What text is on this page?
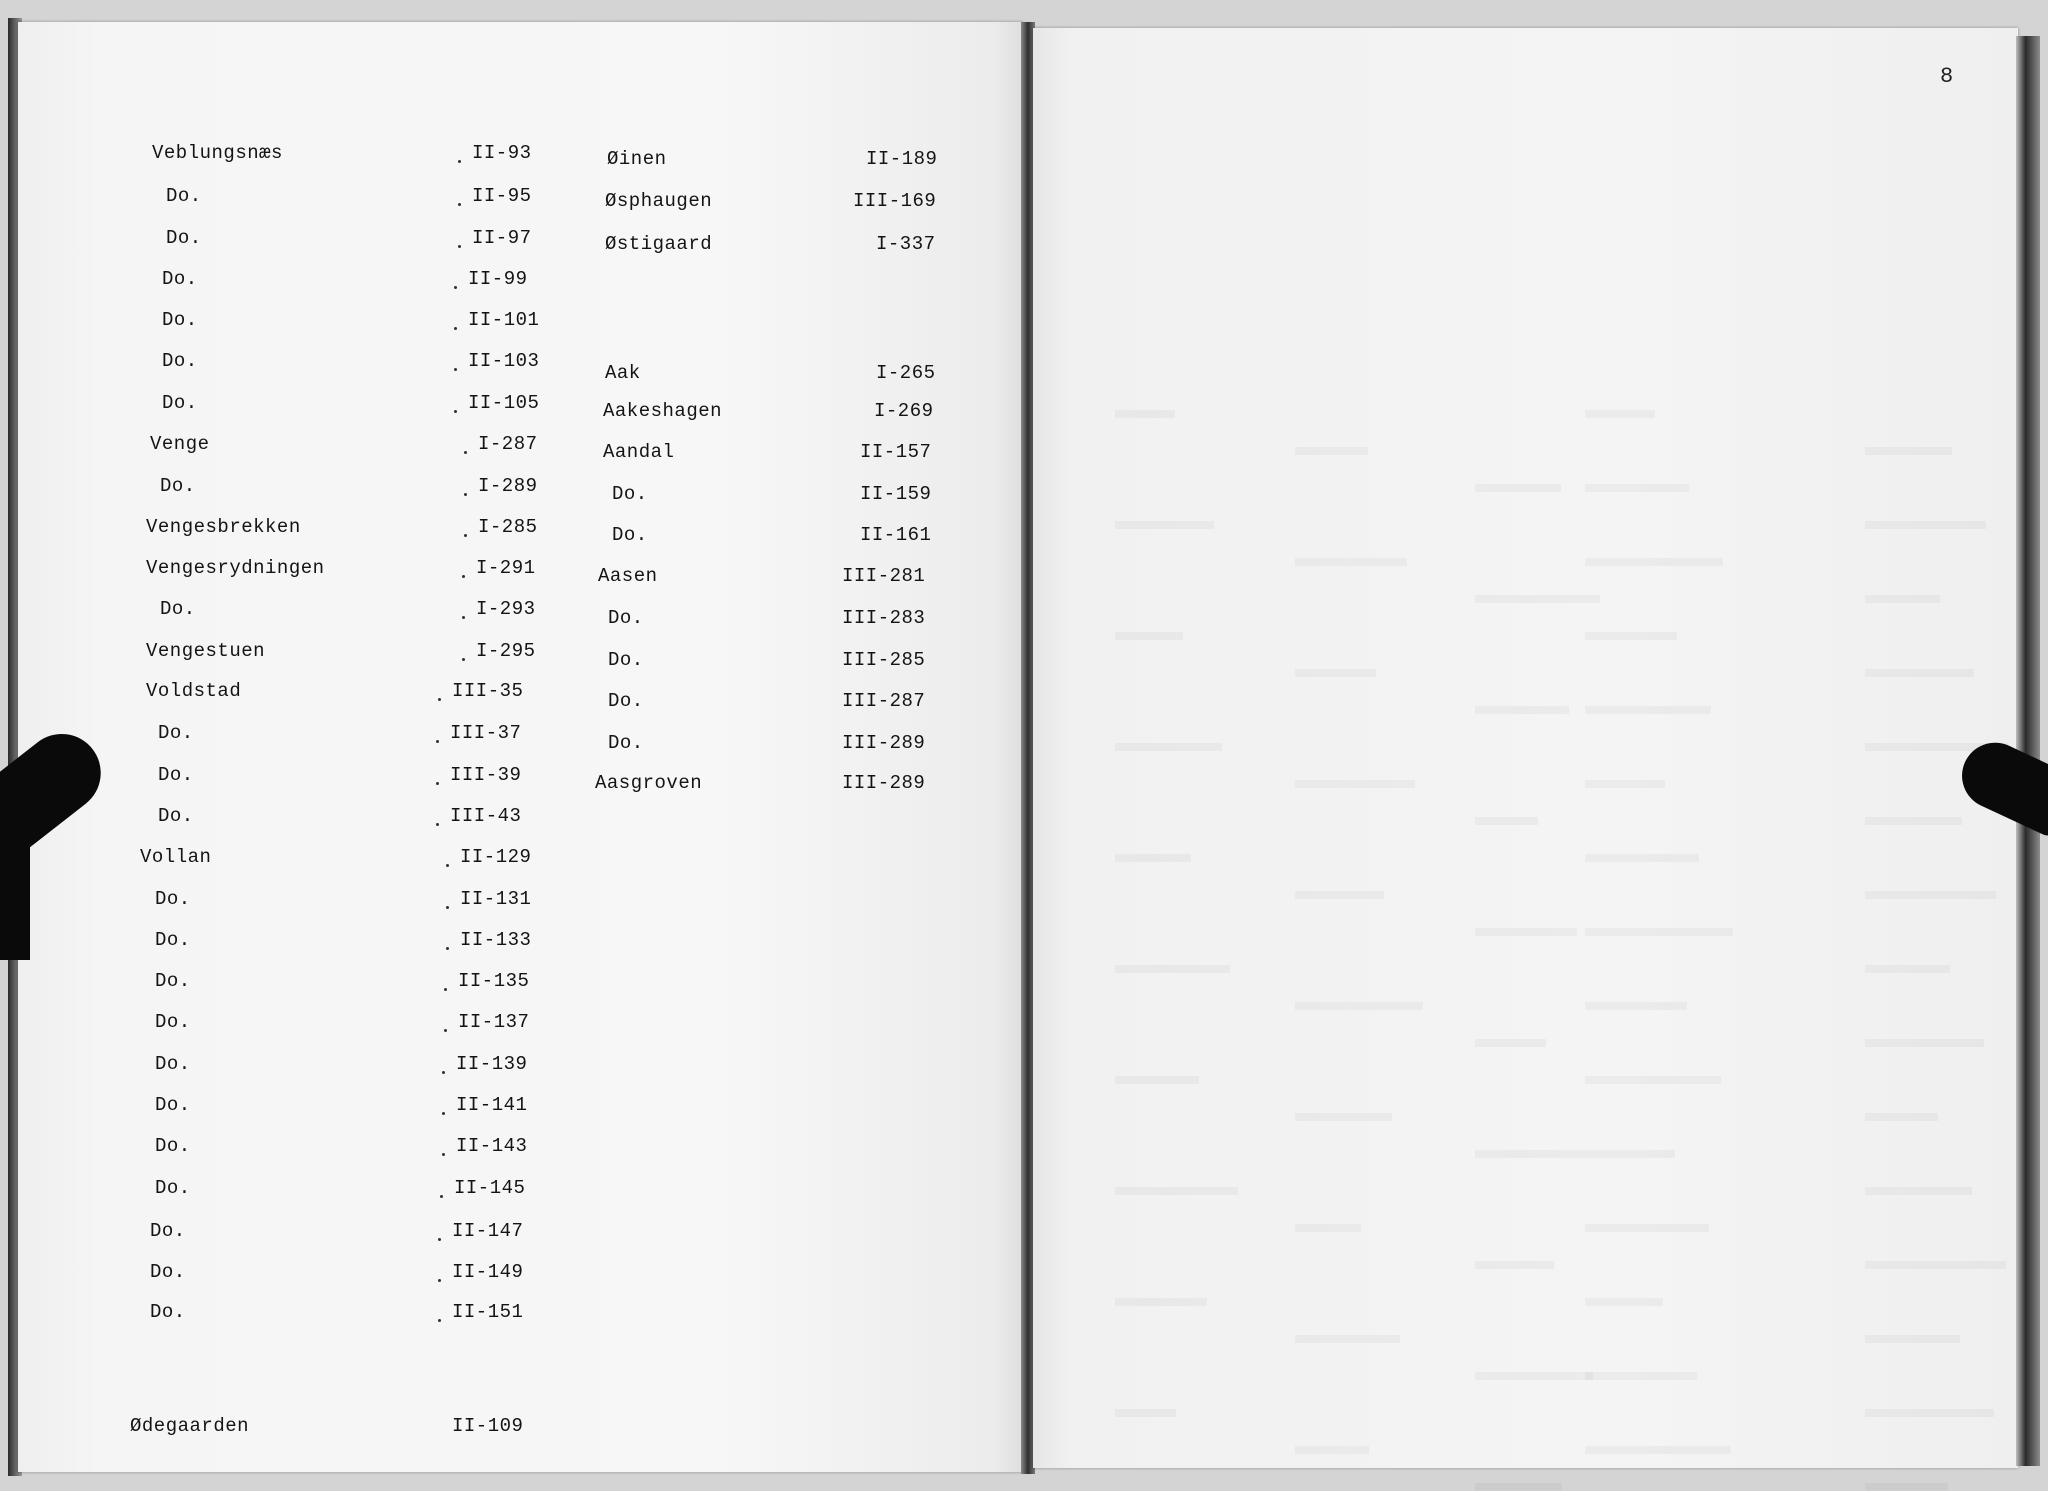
8
Veblungsnæs	II-93
Do.	II-95
Do.	II-97
Do.	II-99
Do.	II-101
Do.	II-103
Do.	II-105
Venge	I-287
Do.	I-289
Vengesbrekken	I-285
Vengesrydningen	I-291
Do.	I-293
Vengestuen	I-295
Voldstad	III-35
Do.	III-37
Do.	III-39
Do.	III-43
Vollan	II-129
Do.	II-131
Do.	II-133
Do.	II-135
Do.	II-137
Do.	II-139
Do.	II-141
Do.	II-143
Do.	II-145
Do.	II-147
Do.	II-149
Do.	II-151
Ødegaarden	II-109
Øinen	II-189
Øsphaugen	III-169
Østigaard	I-337
Aak	I-265
Aakeshagen	I-269
Aandal	II-157
Do.	II-159
Do.	II-161
Aasen	III-281
Do.	III-283
Do.	III-285
Do.	III-287
Do.	III-289
Aasgroven	III-289
